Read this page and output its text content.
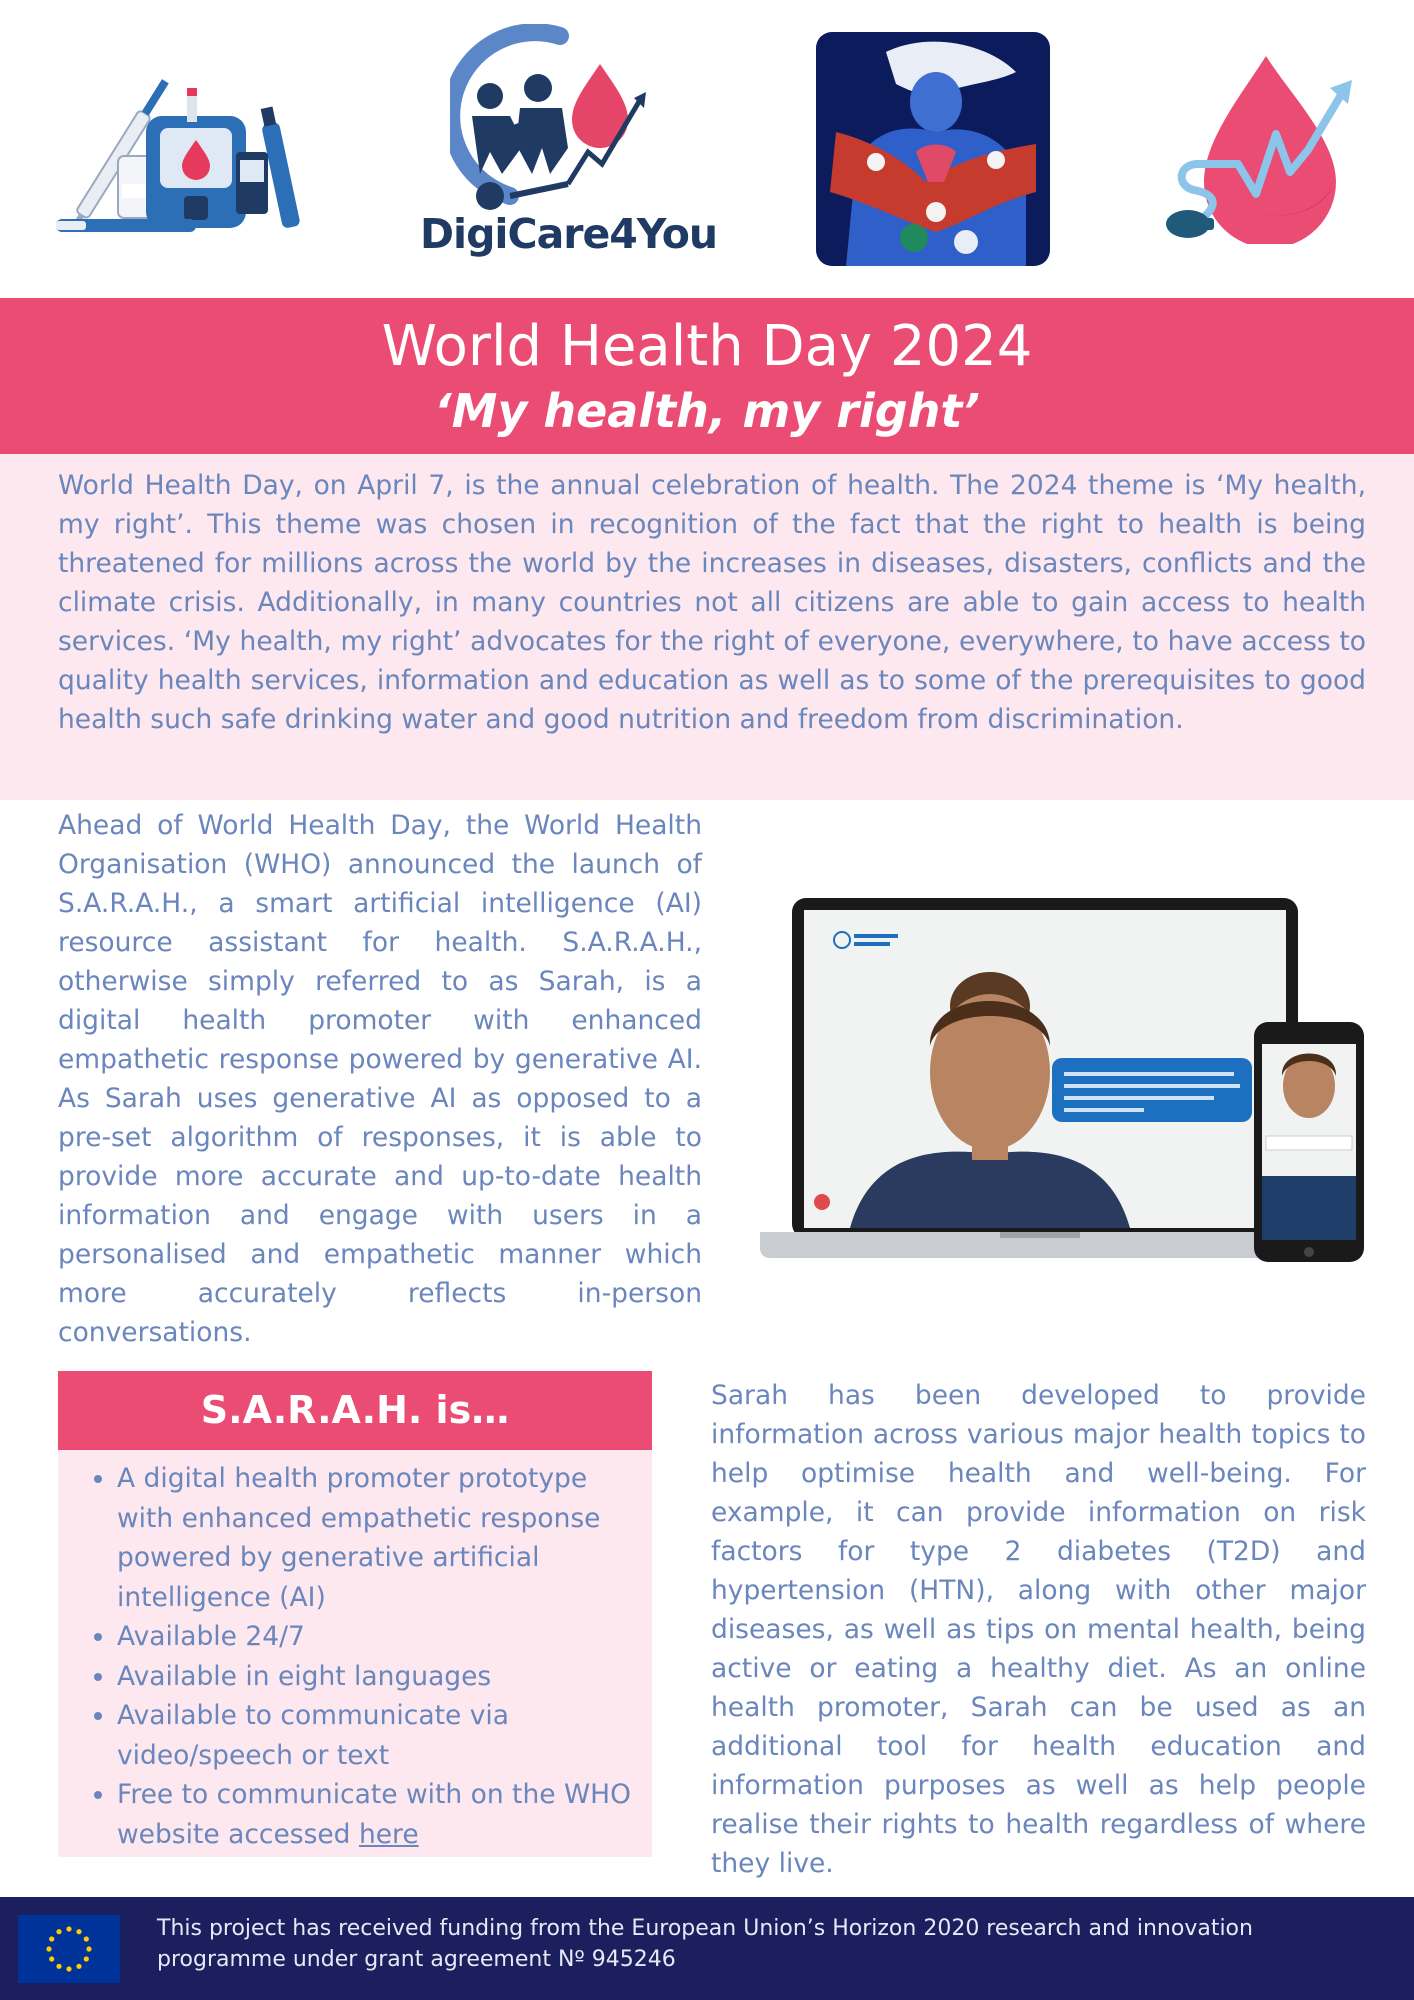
DigiCare4You
World Health Day 2024
‘My health, my right’

World Health Day, on April 7, is the annual celebration of health. The 2024 theme is ‘My health, my right’. This theme was chosen in recognition of the fact that the right to health is being threatened for millions across the world by the increases in diseases, disasters, conflicts and the climate crisis. Additionally, in many countries not all citizens are able to gain access to health services. ‘My health, my right’ advocates for the right of everyone, everywhere, to have access to quality health services, information and education as well as to some of the prerequisites to good health such safe drinking water and good nutrition and freedom from discrimination.

Ahead of World Health Day, the World Health Organisation (WHO) announced the launch of S.A.R.A.H., a smart artificial intelligence (AI) resource assistant for health. S.A.R.A.H., otherwise simply referred to as Sarah, is a digital health promoter with enhanced empathetic response powered by generative AI. As Sarah uses generative AI as opposed to a pre-set algorithm of responses, it is able to provide more accurate and up-to-date health information and engage with users in a personalised and empathetic manner which more accurately reflects in-person conversations.

S.A.R.A.H. is…
• A digital health promoter prototype with enhanced empathetic response powered by generative artificial intelligence (AI)
• Available 24/7
• Available in eight languages
• Available to communicate via video/speech or text
• Free to communicate with on the WHO website accessed here

Sarah has been developed to provide information across various major health topics to help optimise health and well-being. For example, it can provide information on risk factors for type 2 diabetes (T2D) and hypertension (HTN), along with other major diseases, as well as tips on mental health, being active or eating a healthy diet. As an online health promoter, Sarah can be used as an additional tool for health education and information purposes as well as help people realise their rights to health regardless of where they live.

This project has received funding from the European Union’s Horizon 2020 research and innovation programme under grant agreement Nº 945246
